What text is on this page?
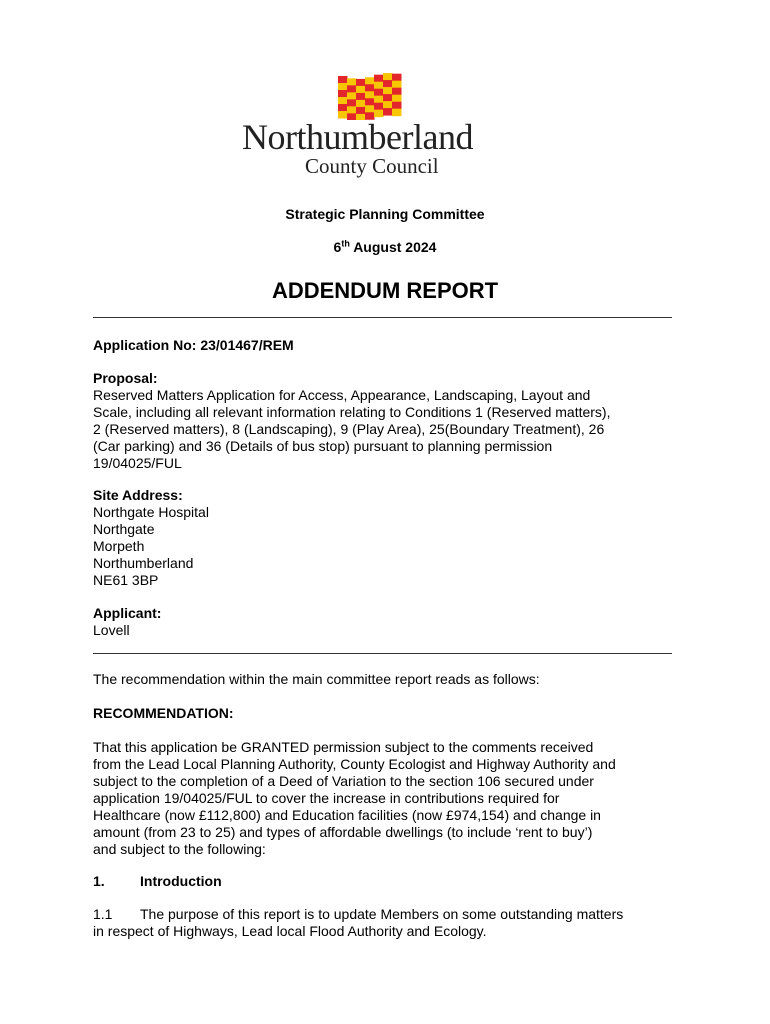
Northumberland
County Council
Strategic Planning Committee
6th August 2024
ADDENDUM REPORT
Application No: 23/01467/REM
Proposal:
Reserved Matters Application for Access, Appearance, Landscaping, Layout and
Scale, including all relevant information relating to Conditions 1 (Reserved matters),
2 (Reserved matters), 8 (Landscaping), 9 (Play Area), 25(Boundary Treatment), 26
(Car parking) and 36 (Details of bus stop) pursuant to planning permission
19/04025/FUL
Site Address:
Northgate Hospital
Northgate
Morpeth
Northumberland
NE61 3BP
Applicant:
Lovell
The recommendation within the main committee report reads as follows:
RECOMMENDATION:
That this application be GRANTED permission subject to the comments received
from the Lead Local Planning Authority, County Ecologist and Highway Authority and
subject to the completion of a Deed of Variation to the section 106 secured under
application 19/04025/FUL to cover the increase in contributions required for
Healthcare (now £112,800) and Education facilities (now £974,154) and change in
amount (from 23 to 25) and types of affordable dwellings (to include ‘rent to buy’)
and subject to the following:
1.	Introduction
1.1 The purpose of this report is to update Members on some outstanding matters
in respect of Highways, Lead local Flood Authority and Ecology.
